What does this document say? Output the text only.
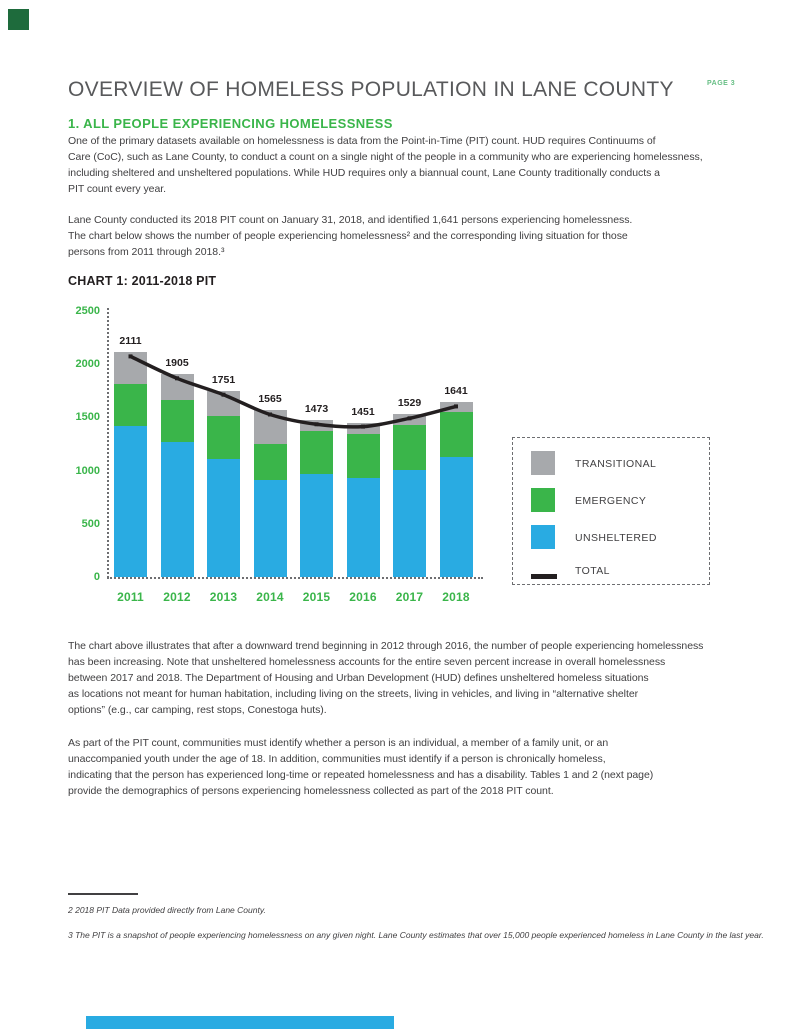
PAGE 3
OVERVIEW OF HOMELESS POPULATION IN LANE COUNTY
1. ALL PEOPLE EXPERIENCING HOMELESSNESS
One of the primary datasets available on homelessness is data from the Point-in-Time (PIT) count. HUD requires Continuums of
Care (CoC), such as Lane County, to conduct a count on a single night of the people in a community who are experiencing homelessness,
including sheltered and unsheltered populations. While HUD requires only a biannual count, Lane County traditionally conducts a
PIT count every year.
Lane County conducted its 2018 PIT count on January 31, 2018, and identified 1,641 persons experiencing homelessness.
The chart below shows the number of people experiencing homelessness² and the corresponding living situation for those
persons from 2011 through 2018.³
CHART 1: 2011-2018 PIT
0
500
1000
1500
2000
2500
2111
1905
1751
1565
1473	1451
1529
1641
2011	2012	2013	2014	2015	2016	2017	2018
TRANSITIONAL
EMERGENCY
UNSHELTERED
TOTAL
The chart above illustrates that after a downward trend beginning in 2012 through 2016, the number of people experiencing homelessness
has been increasing. Note that unsheltered homelessness accounts for the entire seven percent increase in overall homelessness
between 2017 and 2018. The Department of Housing and Urban Development (HUD) defines unsheltered homeless situations
as locations not meant for human habitation, including living on the streets, living in vehicles, and living in “alternative shelter
options” (e.g., car camping, rest stops, Conestoga huts).
As part of the PIT count, communities must identify whether a person is an individual, a member of a family unit, or an
unaccompanied youth under the age of 18. In addition, communities must identify if a person is chronically homeless,
indicating that the person has experienced long-time or repeated homelessness and has a disability. Tables 1 and 2 (next page)
provide the demographics of persons experiencing homelessness collected as part of the 2018 PIT count.
2 2018 PIT Data provided directly from Lane County.
3 The PIT is a snapshot of people experiencing homelessness on any given night. Lane County estimates that over 15,000 people experienced homeless in Lane County in the last year.
